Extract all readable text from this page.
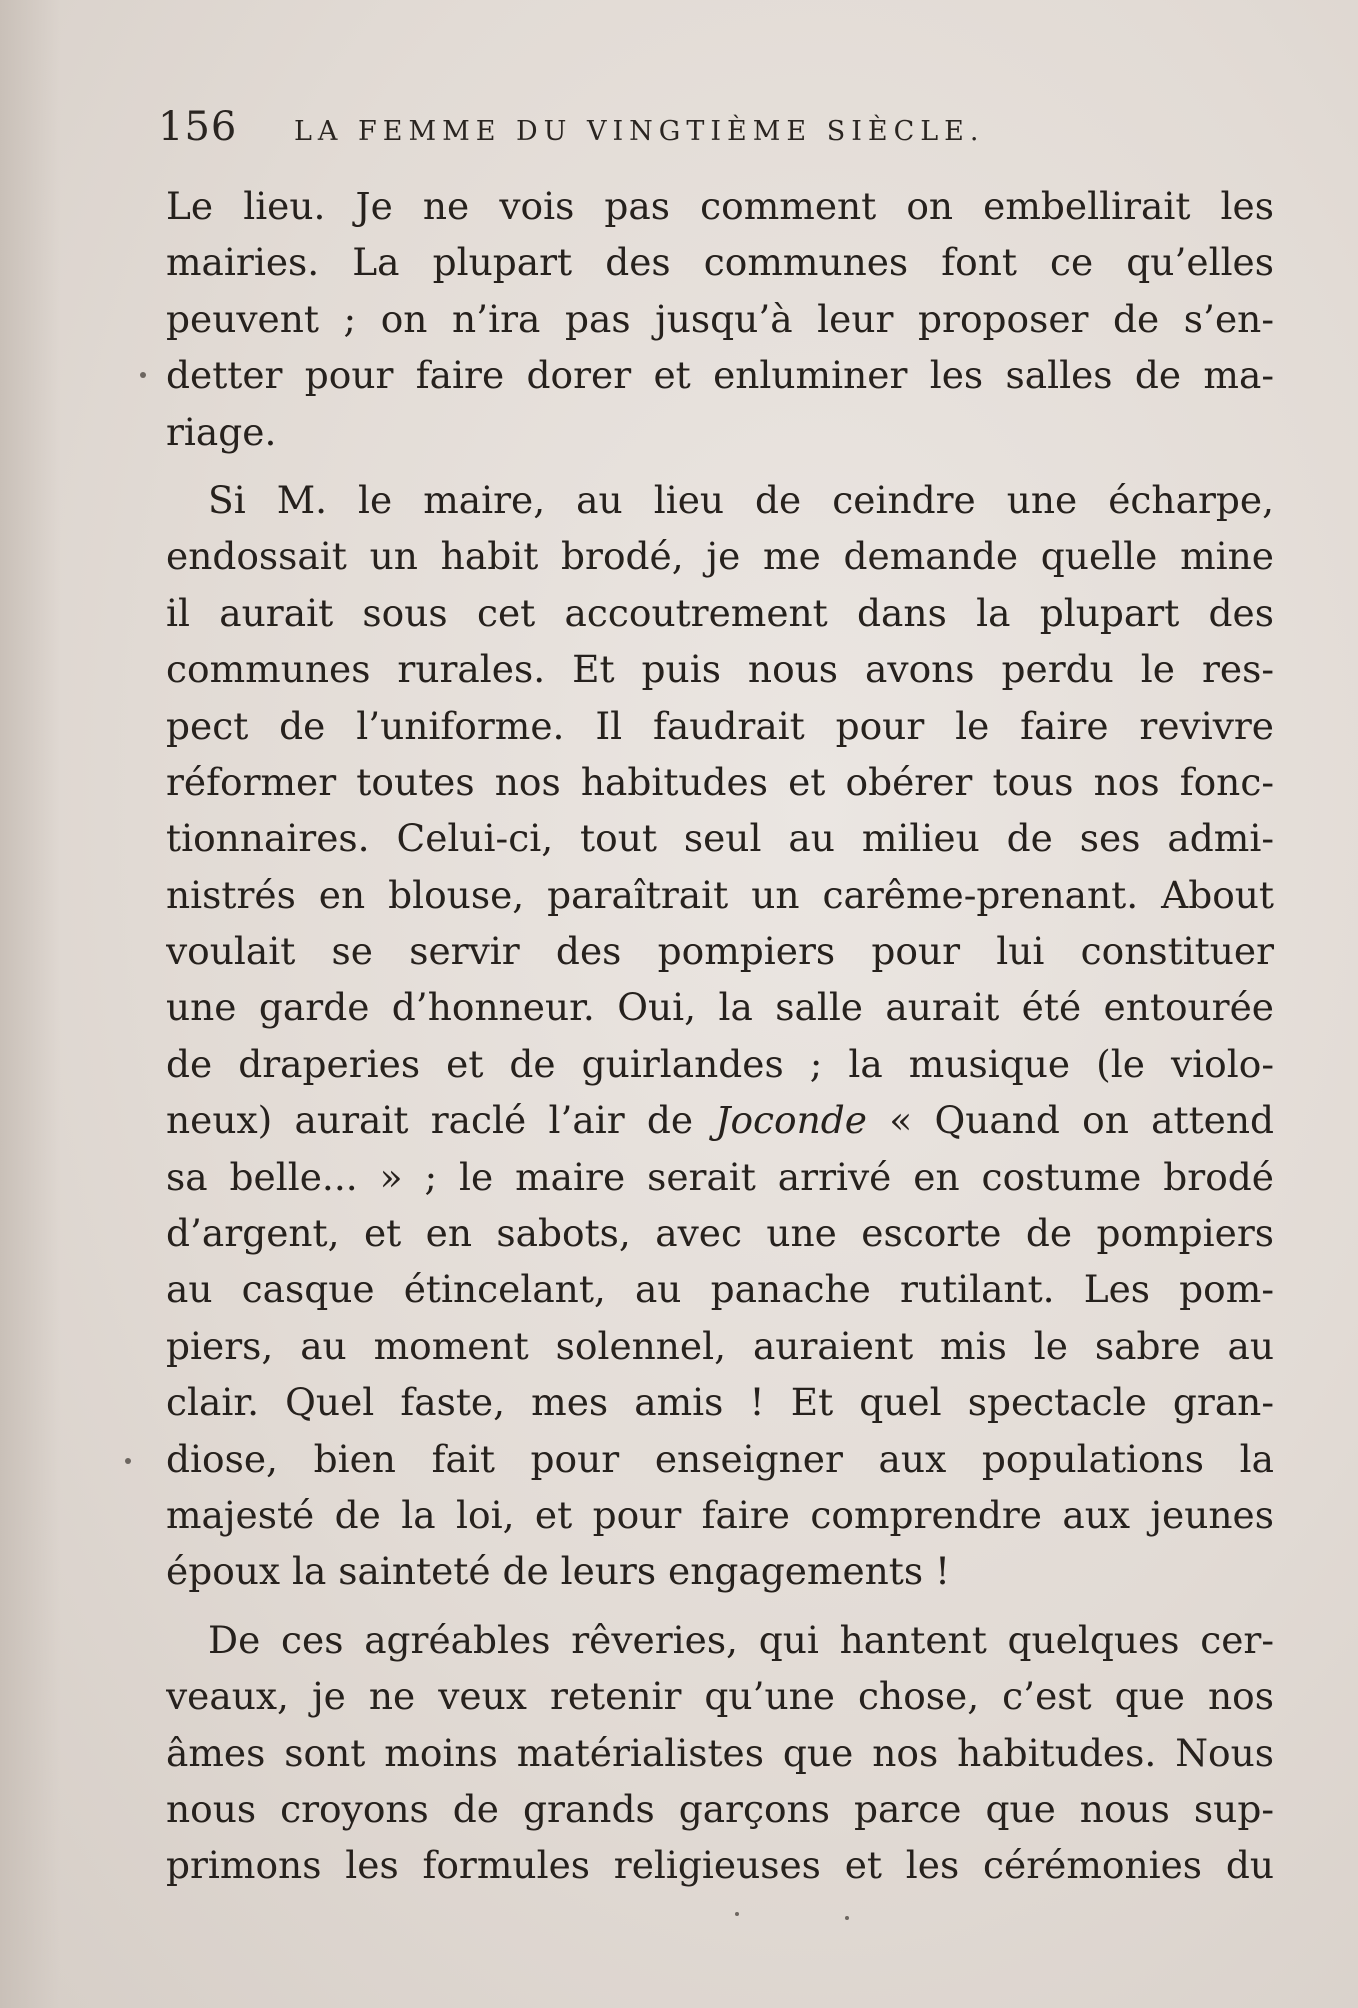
156 LA FEMME DU VINGTIÈME SIÈCLE.
Le lieu. Je ne vois pas comment on embellirait les
mairies. La plupart des communes font ce qu’elles
peuvent ; on n’ira pas jusqu’à leur proposer de s’en-
detter pour faire dorer et enluminer les salles de ma-
riage.
Si M. le maire, au lieu de ceindre une écharpe,
endossait un habit brodé, je me demande quelle mine
il aurait sous cet accoutrement dans la plupart des
communes rurales. Et puis nous avons perdu le res-
pect de l’uniforme. Il faudrait pour le faire revivre
réformer toutes nos habitudes et obérer tous nos fonc-
tionnaires. Celui-ci, tout seul au milieu de ses admi-
nistrés en blouse, paraîtrait un carême-prenant. About
voulait se servir des pompiers pour lui constituer
une garde d’honneur. Oui, la salle aurait été entourée
de draperies et de guirlandes ; la musique (le violo-
neux) aurait raclé l’air de Joconde « Quand on attend
sa belle... » ; le maire serait arrivé en costume brodé
d’argent, et en sabots, avec une escorte de pompiers
au casque étincelant, au panache rutilant. Les pom-
piers, au moment solennel, auraient mis le sabre au
clair. Quel faste, mes amis ! Et quel spectacle gran-
diose, bien fait pour enseigner aux populations la
majesté de la loi, et pour faire comprendre aux jeunes
époux la sainteté de leurs engagements !
De ces agréables rêveries, qui hantent quelques cer-
veaux, je ne veux retenir qu’une chose, c’est que nos
âmes sont moins matérialistes que nos habitudes. Nous
nous croyons de grands garçons parce que nous sup-
primons les formules religieuses et les cérémonies du
